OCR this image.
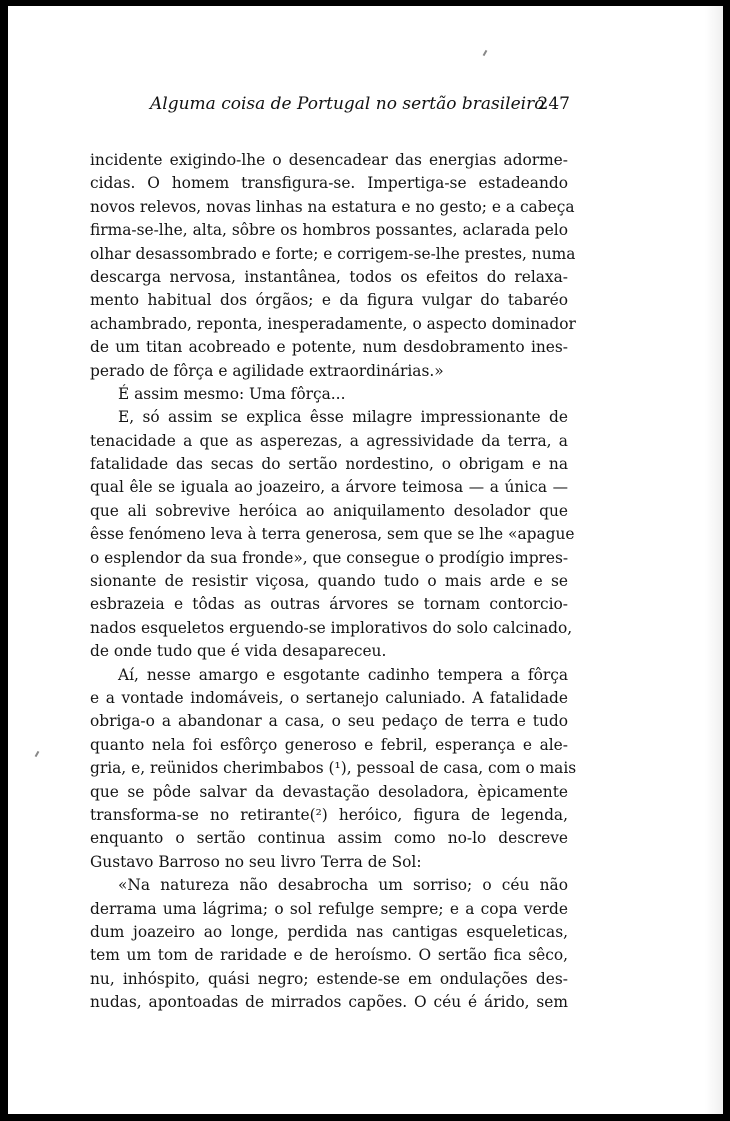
Alguma coisa de Portugal no sertão brasileiro
247
incidente exigindo-lhe o desencadear das energias adorme-
cidas. O homem transfigura-se. Impertiga-se estadeando
novos relevos, novas linhas na estatura e no gesto; e a cabeça
firma-se-lhe, alta, sôbre os hombros possantes, aclarada pelo
olhar desassombrado e forte; e corrigem-se-lhe prestes, numa
descarga nervosa, instantânea, todos os efeitos do relaxa-
mento habitual dos órgãos; e da figura vulgar do tabaréo
achambrado, reponta, inesperadamente, o aspecto dominador
de um titan acobreado e potente, num desdobramento ines-
perado de fôrça e agilidade extraordinárias.»
É assim mesmo: Uma fôrça...
E, só assim se explica êsse milagre impressionante de
tenacidade a que as asperezas, a agressividade da terra, a
fatalidade das secas do sertão nordestino, o obrigam e na
qual êle se iguala ao joazeiro, a árvore teimosa — a única —
que ali sobrevive heróica ao aniquilamento desolador que
êsse fenómeno leva à terra generosa, sem que se lhe «apague
o esplendor da sua fronde», que consegue o prodígio impres-
sionante de resistir viçosa, quando tudo o mais arde e se
esbrazeia e tôdas as outras árvores se tornam contorcio-
nados esqueletos erguendo-se implorativos do solo calcinado,
de onde tudo que é vida desapareceu.
Aí, nesse amargo e esgotante cadinho tempera a fôrça
e a vontade indomáveis, o sertanejo caluniado. A fatalidade
obriga-o a abandonar a casa, o seu pedaço de terra e tudo
quanto nela foi esfôrço generoso e febril, esperança e ale-
gria, e, reünidos cherimbabos (¹), pessoal de casa, com o mais
que se pôde salvar da devastação desoladora, èpicamente
transforma-se no retirante(²) heróico, figura de legenda,
enquanto o sertão continua assim como no-lo descreve
Gustavo Barroso no seu livro Terra de Sol:
«Na natureza não desabrocha um sorriso; o céu não
derrama uma lágrima; o sol refulge sempre; e a copa verde
dum joazeiro ao longe, perdida nas cantigas esqueleticas,
tem um tom de raridade e de heroísmo. O sertão fica sêco,
nu, inhóspito, quási negro; estende-se em ondulações des-
nudas, apontoadas de mirrados capões. O céu é árido, sem
